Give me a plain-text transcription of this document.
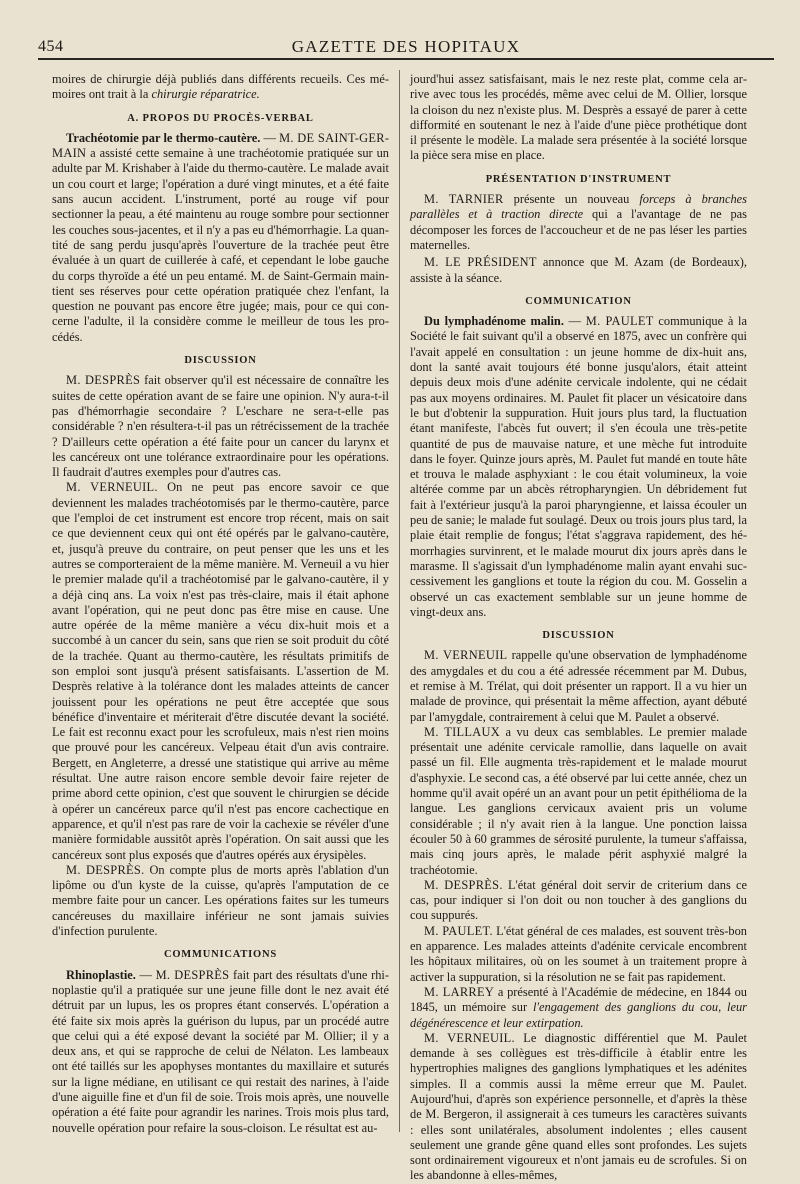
454	GAZETTE DES HOPITAUX

moires de chirurgie déjà publiés dans différents recueils. Ces mémoires ont trait à la chirurgie réparatrice.

A. PROPOS DU PROCÈS-VERBAL

Trachéotomie par le thermo-cautère. — M. DE SAINT-GERMAIN a assisté cette semaine à une trachéotomie pratiquée sur un adulte par M. Krishaber à l'aide du thermo-cautère. Le malade avait un cou court et large; l'opération a duré vingt minutes, et a été faite sans aucun accident. L'instrument, porté au rouge vif pour sectionner la peau, a été maintenu au rouge sombre pour sectionner les couches sous-jacentes, et il n'y a pas eu d'hémorrhagie. La quantité de sang perdu jusqu'après l'ouverture de la trachée peut être évaluée à un quart de cuillerée à café, et cependant le lobe gauche du corps thyroïde a été un peu entamé. M. de Saint-Germain maintient ses réserves pour cette opération pratiquée chez l'enfant, la question ne pouvant pas encore être jugée; mais, pour ce qui concerne l'adulte, il la considère comme le meilleur de tous les procédés.

DISCUSSION

M. DESPRÈS fait observer qu'il est nécessaire de connaître les suites de cette opération avant de se faire une opinion. N'y aura-t-il pas d'hémorrhagie secondaire ? L'eschare ne sera-t-elle pas considérable ? n'en résultera-t-il pas un rétrécissement de la trachée ? D'ailleurs cette opération a été faite pour un cancer du larynx et les cancéreux ont une tolérance extraordinaire pour les opérations. Il faudrait d'autres exemples pour d'autres cas.

M. VERNEUIL. On ne peut pas encore savoir ce que deviennent les malades trachéotomisés par le thermo-cautère, parce que l'emploi de cet instrument est encore trop récent, mais on sait ce que deviennent ceux qui ont été opérés par le galvano-cautère, et, jusqu'à preuve du contraire, on peut penser que les uns et les autres se comporteraient de la même manière. M. Verneuil a vu hier le premier malade qu'il a trachéotomisé par le galvano-cautère, il y a déjà cinq ans. La voix n'est pas très-claire, mais il était aphone avant l'opération, qui ne peut donc pas être mise en cause. Une autre opérée de la même manière a vécu dix-huit mois et a succombé à un cancer du sein, sans que rien se soit produit du côté de la trachée. Quant au thermo-cautère, les résultats primitifs de son emploi sont jusqu'à présent satisfaisants. L'assertion de M. Desprès relative à la tolérance dont les malades atteints de cancer jouissent pour les opérations ne peut être acceptée que sous bénéfice d'inventaire et mériterait d'être discutée devant la société. Le fait est reconnu exact pour les scrofuleux, mais n'est rien moins que prouvé pour les cancéreux. Velpeau était d'un avis contraire. Bergett, en Angleterre, a dressé une statistique qui arrive au même résultat. Une autre raison encore semble devoir faire rejeter de prime abord cette opinion, c'est que souvent le chirurgien se décide à opérer un cancéreux parce qu'il n'est pas encore cachectique en apparence, et qu'il n'est pas rare de voir la cachexie se révéler d'une manière formidable aussitôt après l'opération. On sait aussi que les cancéreux sont plus exposés que d'autres opérés aux érysipèles.

M. DESPRÈS. On compte plus de morts après l'ablation d'un lipôme ou d'un kyste de la cuisse, qu'après l'amputation de ce membre faite pour un cancer. Les opérations faites sur les tumeurs cancéreuses du maxillaire inférieur ne sont jamais suivies d'infection purulente.

COMMUNICATIONS

Rhinoplastie. — M. DESPRÈS fait part des résultats d'une rhinoplastie qu'il a pratiquée sur une jeune fille dont le nez avait été détruit par un lupus, les os propres étant conservés. L'opération a été faite six mois après la guérison du lupus, par un procédé autre que celui qui a été exposé devant la société par M. Ollier; il y a deux ans, et qui se rapproche de celui de Nélaton. Les lambeaux ont été taillés sur les apophyses montantes du maxillaire et suturés sur la ligne médiane, en utilisant ce qui restait des narines, à l'aide d'une aiguille fine et d'un fil de soie. Trois mois après, une nouvelle opération a été faite pour agrandir les narines. Trois mois plus tard, nouvelle opération pour refaire la sous-cloison. Le résultat est au-

jourd'hui assez satisfaisant, mais le nez reste plat, comme cela arrive avec tous les procédés, même avec celui de M. Ollier, lorsque la cloison du nez n'existe plus. M. Desprès a essayé de parer à cette difformité en soutenant le nez à l'aide d'une pièce prothétique dont il présente le modèle. La malade sera présentée à la société lorsque la pièce sera mise en place.

PRÉSENTATION D'INSTRUMENT

M. TARNIER présente un nouveau forceps à branches parallèles et à traction directe qui a l'avantage de ne pas décomposer les forces de l'accoucheur et de ne pas léser les parties maternelles.

M. LE PRÉSIDENT annonce que M. Azam (de Bordeaux), assiste à la séance.

COMMUNICATION

Du lymphadénome malin. — M. PAULET communique à la Société le fait suivant qu'il a observé en 1875, avec un confrère qui l'avait appelé en consultation : un jeune homme de dix-huit ans, dont la santé avait toujours été bonne jusqu'alors, était atteint depuis deux mois d'une adénite cervicale indolente, qui ne cédait pas aux moyens ordinaires. M. Paulet fit placer un vésicatoire dans le but d'obtenir la suppuration. Huit jours plus tard, la fluctuation étant manifeste, l'abcès fut ouvert; il s'en écoula une très-petite quantité de pus de mauvaise nature, et une mèche fut introduite dans le foyer. Quinze jours après, M. Paulet fut mandé en toute hâte et trouva le malade asphyxiant : le cou était volumineux, la voie altérée comme par un abcès rétropharyngien. Un débridement fut fait à l'extérieur jusqu'à la paroi pharyngienne, et laissa écouler un peu de sanie; le malade fut soulagé. Deux ou trois jours plus tard, la plaie était remplie de fongus; l'état s'aggrava rapidement, des hémorrhagies survinrent, et le malade mourut dix jours après dans le marasme. Il s'agissait d'un lymphadénome malin ayant envahi successivement les ganglions et toute la région du cou. M. Gosselin a observé un cas exactement semblable sur un jeune homme de vingt-deux ans.

DISCUSSION

M. VERNEUIL rappelle qu'une observation de lymphadénome des amygdales et du cou a été adressée récemment par M. Dubus, et remise à M. Trélat, qui doit présenter un rapport. Il a vu hier un malade de province, qui présentait la même affection, ayant débuté par l'amygdale, contrairement à celui que M. Paulet a observé.

M. TILLAUX a vu deux cas semblables. Le premier malade présentait une adénite cervicale ramollie, dans laquelle on avait passé un fil. Elle augmenta très-rapidement et le malade mourut d'asphyxie. Le second cas, a été observé par lui cette année, chez un homme qu'il avait opéré un an avant pour un petit épithélioma de la langue. Les ganglions cervicaux avaient pris un volume considérable ; il n'y avait rien à la langue. Une ponction laissa écouler 50 à 60 grammes de sérosité purulente, la tumeur s'affaissa, mais cinq jours après, le malade périt asphyxié malgré la trachéotomie.

M. DESPRÈS. L'état général doit servir de criterium dans ce cas, pour indiquer si l'on doit ou non toucher à des ganglions du cou suppurés.

M. PAULET. L'état général de ces malades, est souvent très-bon en apparence. Les malades atteints d'adénite cervicale encombrent les hôpitaux militaires, où on les soumet à un traitement propre à activer la suppuration, si la résolution ne se fait pas rapidement.

M. LARREY a présenté à l'Académie de médecine, en 1844 ou 1845, un mémoire sur l'engagement des ganglions du cou, leur dégénérescence et leur extirpation.

M. VERNEUIL. Le diagnostic différentiel que M. Paulet demande à ses collègues est très-difficile à établir entre les hypertrophies malignes des ganglions lymphatiques et les adénites simples. Il a commis aussi la même erreur que M. Paulet. Aujourd'hui, d'après son expérience personnelle, et d'après la thèse de M. Bergeron, il assignerait à ces tumeurs les caractères suivants : elles sont unilatérales, absolument indolentes ; elles causent seulement une grande gêne quand elles sont profondes. Les sujets sont ordinairement vigoureux et n'ont jamais eu de scrofules. Si on les abandonne à elles-mêmes,
